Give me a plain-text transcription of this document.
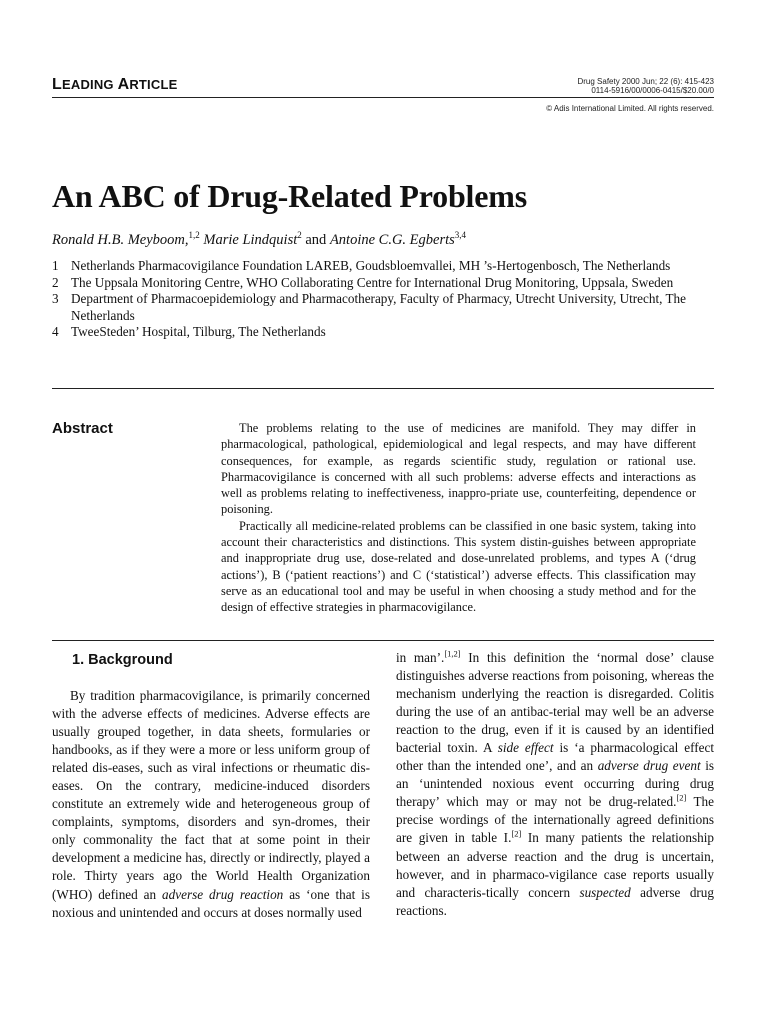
LEADING ARTICLE	Drug Safety 2000 Jun; 22 (6): 415-423
0114-5916/00/0006-0415/$20.00/0
© Adis International Limited. All rights reserved.
An ABC of Drug-Related Problems
Ronald H.B. Meyboom,$^{1,2}$ Marie Lindquist$^2$ and Antoine C.G. Egberts$^{3,4}$
1 Netherlands Pharmacovigilance Foundation LAREB, Goudsbloemvallei, MH ’s-Hertogenbosch, The Netherlands
2 The Uppsala Monitoring Centre, WHO Collaborating Centre for International Drug Monitoring, Uppsala, Sweden
3 Department of Pharmacoepidemiology and Pharmacotherapy, Faculty of Pharmacy, Utrecht University, Utrecht, The Netherlands
4 TweeSteden’ Hospital, Tilburg, The Netherlands
Abstract	The problems relating to the use of medicines are manifold. They may differ in pharmacological, pathological, epidemiological and legal respects, and may have different consequences, for example, as regards scientific study, regulation or rational use. Pharmacovigilance is concerned with all such problems: adverse effects and interactions as well as problems relating to ineffectiveness, inappro-priate use, counterfeiting, dependence or poisoning.

Practically all medicine-related problems can be classified in one basic system, taking into account their characteristics and distinctions. This system distin-guishes between appropriate and inappropriate drug use, dose-related and dose-unrelated problems, and types A (‘drug actions’), B (‘patient reactions’) and C (‘statistical’) adverse effects. This classification may serve as an educational tool and may be useful in when choosing a study method and for the design of effective strategies in pharmacovigilance.

1. Background

By tradition pharmacovigilance, is primarily concerned with the adverse effects of medicines. Adverse effects are usually grouped together, in data sheets, formularies or handbooks, as if they were a more or less uniform group of related dis-eases, such as viral infections or rheumatic dis-eases. On the contrary, medicine-induced disorders constitute an extremely wide and heterogeneous group of complaints, symptoms, disorders and syn-dromes, their only commonality the fact that at some point in their development a medicine has, directly or indirectly, played a role. Thirty years ago the World Health Organization (WHO) defined an adverse drug reaction as ‘one that is noxious and unintended and occurs at doses normally used

in man’.[1,2] In this definition the ‘normal dose’ clause distinguishes adverse reactions from poisoning, whereas the mechanism underlying the reaction is disregarded. Colitis during the use of an antibac-terial may well be an adverse reaction to the drug, even if it is caused by an identified bacterial toxin. A side effect is ‘a pharmacological effect other than the intended one’, and an adverse drug event is an ‘unintended noxious event occurring during drug therapy’ which may or may not be drug-related.[2] The precise wordings of the internationally agreed definitions are given in table I.[2] In many patients the relationship between an adverse reaction and the drug is uncertain, however, and in pharmaco-vigilance case reports usually and characteris-tically concern suspected adverse drug reactions.
